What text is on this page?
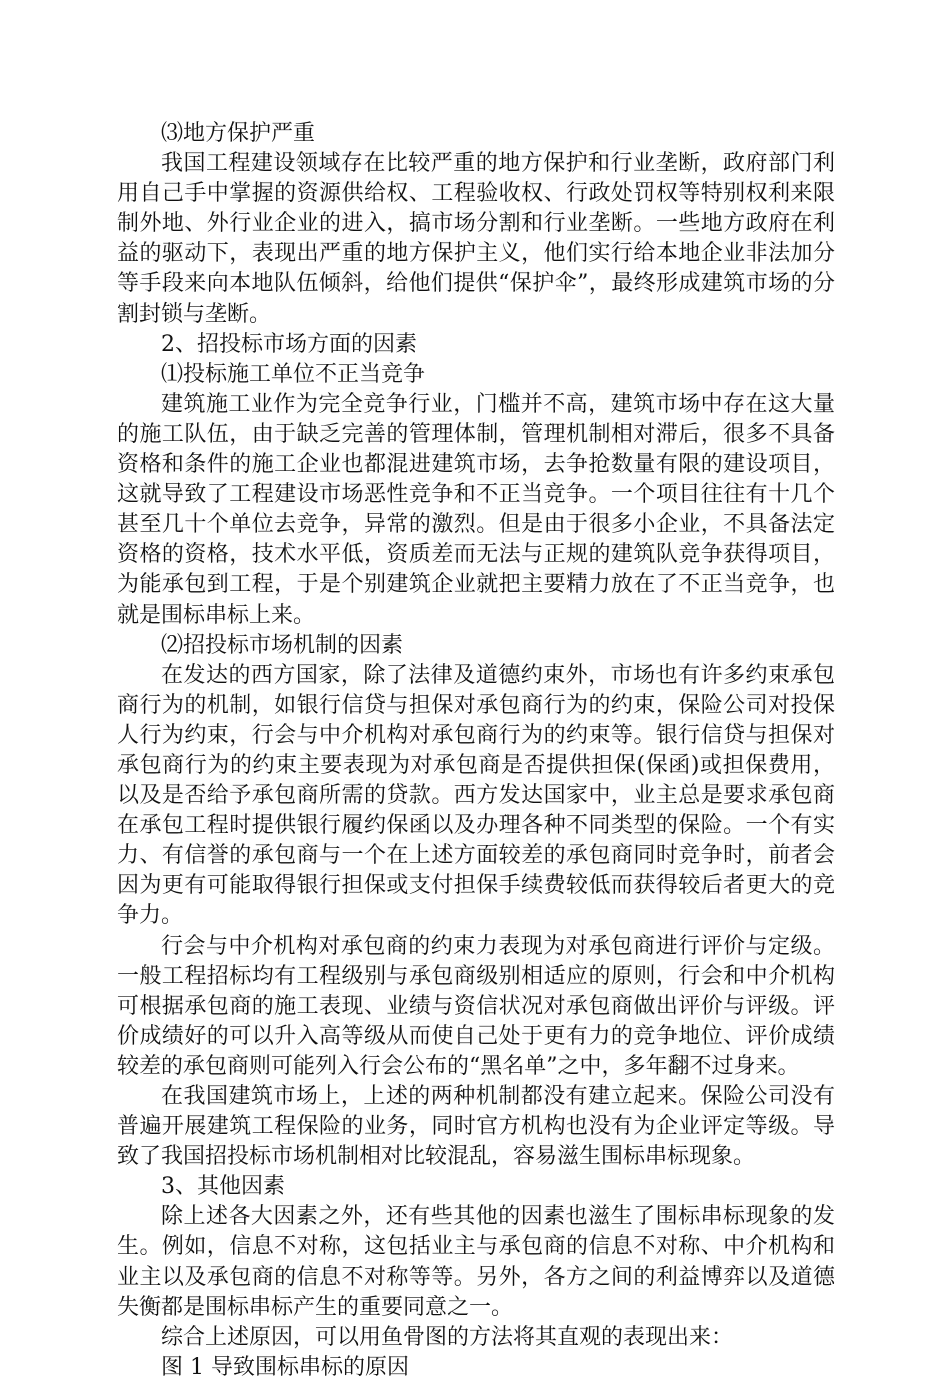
⑶地方保护严重

我国工程建设领域存在比较严重的地方保护和行业垄断，政府部门利用自己手中掌握的资源供给权、工程验收权、行政处罚权等特别权利来限制外地、外行业企业的进入，搞市场分割和行业垄断。一些地方政府在利益的驱动下，表现出严重的地方保护主义，他们实行给本地企业非法加分等手段来向本地队伍倾斜，给他们提供“保护伞”，最终形成建筑市场的分割封锁与垄断。

2、招投标市场方面的因素

⑴投标施工单位不正当竞争

建筑施工业作为完全竞争行业，门槛并不高，建筑市场中存在这大量的施工队伍，由于缺乏完善的管理体制，管理机制相对滞后，很多不具备资格和条件的施工企业也都混进建筑市场，去争抢数量有限的建设项目，这就导致了工程建设市场恶性竞争和不正当竞争。一个项目往往有十几个甚至几十个单位去竞争，异常的激烈。但是由于很多小企业，不具备法定资格的资格，技术水平低，资质差而无法与正规的建筑队竞争获得项目，为能承包到工程，于是个别建筑企业就把主要精力放在了不正当竞争，也就是围标串标上来。

⑵招投标市场机制的因素

在发达的西方国家，除了法律及道德约束外，市场也有许多约束承包商行为的机制，如银行信贷与担保对承包商行为的约束，保险公司对投保人行为约束，行会与中介机构对承包商行为的约束等。银行信贷与担保对承包商行为的约束主要表现为对承包商是否提供担保(保函)或担保费用，以及是否给予承包商所需的贷款。西方发达国家中，业主总是要求承包商在承包工程时提供银行履约保函以及办理各种不同类型的保险。一个有实力、有信誉的承包商与一个在上述方面较差的承包商同时竞争时，前者会因为更有可能取得银行担保或支付担保手续费较低而获得较后者更大的竞争力。

行会与中介机构对承包商的约束力表现为对承包商进行评价与定级。一般工程招标均有工程级别与承包商级别相适应的原则，行会和中介机构可根据承包商的施工表现、业绩与资信状况对承包商做出评价与评级。评价成绩好的可以升入高等级从而使自己处于更有力的竞争地位、评价成绩较差的承包商则可能列入行会公布的“黑名单”之中，多年翻不过身来。

在我国建筑市场上，上述的两种机制都没有建立起来。保险公司没有普遍开展建筑工程保险的业务，同时官方机构也没有为企业评定等级。导致了我国招投标市场机制相对比较混乱，容易滋生围标串标现象。

3、其他因素

除上述各大因素之外，还有些其他的因素也滋生了围标串标现象的发生。例如，信息不对称，这包括业主与承包商的信息不对称、中介机构和业主以及承包商的信息不对称等等。另外，各方之间的利益博弈以及道德失衡都是围标串标产生的重要同意之一。

综合上述原因，可以用鱼骨图的方法将其直观的表现出来：

图 1 导致围标串标的原因
